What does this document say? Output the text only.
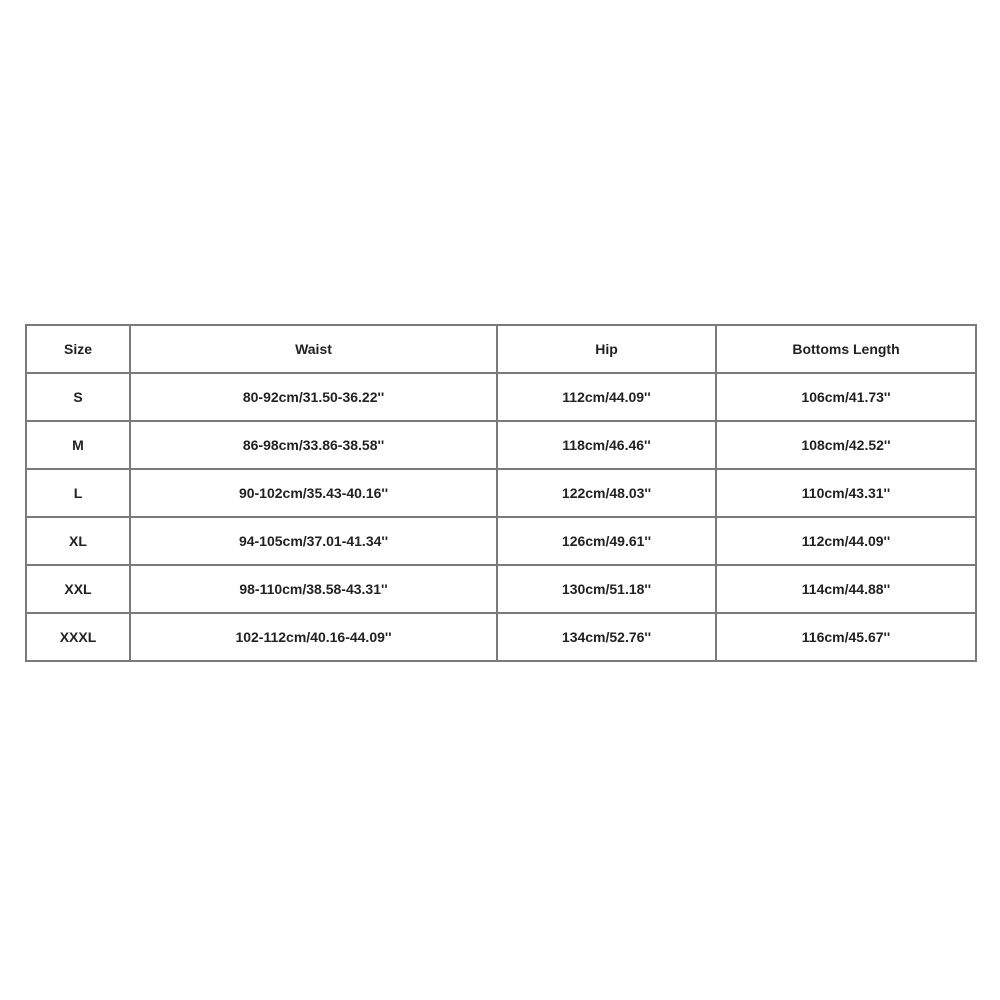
Size	Waist	Hip	Bottoms Length
S	80-92cm/31.50-36.22''	112cm/44.09''	106cm/41.73''
M	86-98cm/33.86-38.58''	118cm/46.46''	108cm/42.52''
L	90-102cm/35.43-40.16''	122cm/48.03''	110cm/43.31''
XL	94-105cm/37.01-41.34''	126cm/49.61''	112cm/44.09''
XXL	98-110cm/38.58-43.31''	130cm/51.18''	114cm/44.88''
XXXL	102-112cm/40.16-44.09''	134cm/52.76''	116cm/45.67''
